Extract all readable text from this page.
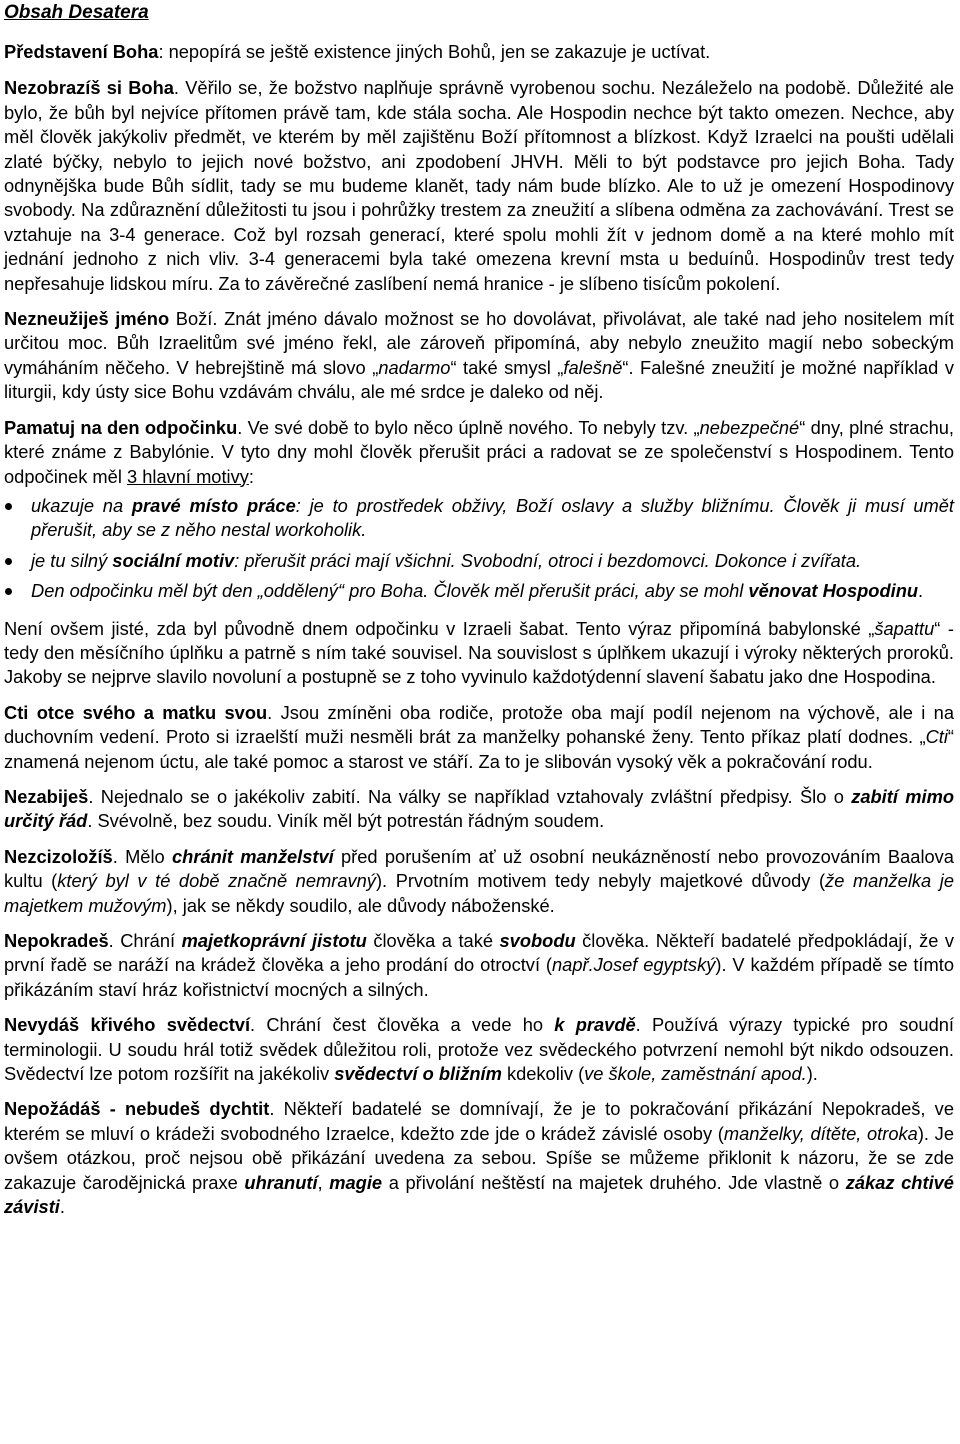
Obsah Desatera

Představení Boha: nepopírá se ještě existence jiných Bohů, jen se zakazuje je uctívat.

Nezobrazíš si Boha. Věřilo se, že božstvo naplňuje správně vyrobenou sochu. Nezáleželo na podobě. Důležité ale bylo, že bůh byl nejvíce přítomen právě tam, kde stála socha. Ale Hospodin nechce být takto omezen. Nechce, aby měl člověk jakýkoliv předmět, ve kterém by měl zajištěnu Boží přítomnost a blízkost. Když Izraelci na poušti udělali zlaté býčky, nebylo to jejich nové božstvo, ani zpodobení JHVH. Měli to být podstavce pro jejich Boha. Tady odnynějška bude Bůh sídlit, tady se mu budeme klanět, tady nám bude blízko. Ale to už je omezení Hospodinovy svobody. Na zdůraznění důležitosti tu jsou i pohrůžky trestem za zneužití a slíbena odměna za zachovávání. Trest se vztahuje na 3-4 generace. Což byl rozsah generací, které spolu mohli žít v jednom domě a na které mohlo mít jednání jednoho z nich vliv. 3-4 generacemi byla také omezena krevní msta u beduínů. Hospodinův trest tedy nepřesahuje lidskou míru. Za to závěrečné zaslíbení nemá hranice - je slíbeno tisícům pokolení.

Nezneužiješ jméno Boží. Znát jméno dávalo možnost se ho dovolávat, přivolávat, ale také nad jeho nositelem mít určitou moc. Bůh Izraelitům své jméno řekl, ale zároveň připomíná, aby nebylo zneužito magií nebo sobeckým vymáháním něčeho. V hebrejštině má slovo „nadarmo“ také smysl „falešně“. Falešné zneužití je možné například v liturgii, kdy ústy sice Bohu vzdávám chválu, ale mé srdce je daleko od něj.

Pamatuj na den odpočinku. Ve své době to bylo něco úplně nového. To nebyly tzv. „nebezpečné“ dny, plné strachu, které známe z Babylónie. V tyto dny mohl člověk přerušit práci a radovat se ze společenství s Hospodinem. Tento odpočinek měl 3 hlavní motivy:

ukazuje na pravé místo práce: je to prostředek obživy, Boží oslavy a služby bližnímu. Člověk ji musí umět přerušit, aby se z něho nestal workoholik.
je tu silný sociální motiv: přerušit práci mají všichni. Svobodní, otroci i bezdomovci. Dokonce i zvířata.
Den odpočinku měl být den „oddělený“ pro Boha. Člověk měl přerušit práci, aby se mohl věnovat Hospodinu.

Není ovšem jisté, zda byl původně dnem odpočinku v Izraeli šabat. Tento výraz připomíná babylonské „šapattu“ - tedy den měsíčního úplňku a patrně s ním také souvisel. Na souvislost s úplňkem ukazují i výroky některých proroků. Jakoby se nejprve slavilo novoluní a postupně se z toho vyvinulo každotýdenní slavení šabatu jako dne Hospodina.

Cti otce svého a matku svou. Jsou zmíněni oba rodiče, protože oba mají podíl nejenom na výchově, ale i na duchovním vedení. Proto si izraelští muži nesměli brát za manželky pohanské ženy. Tento příkaz platí dodnes. „Cti“ znamená nejenom úctu, ale také pomoc a starost ve stáří. Za to je slibován vysoký věk a pokračování rodu.

Nezabiješ. Nejednalo se o jakékoliv zabití. Na války se například vztahovaly zvláštní předpisy. Šlo o zabití mimo určitý řád. Svévolně, bez soudu. Viník měl být potrestán řádným soudem.

Nezcizoložíš. Mělo chránit manželství před porušením ať už osobní neukázněností nebo provozováním Baalova kultu (který byl v té době značně nemravný). Prvotním motivem tedy nebyly majetkové důvody (že manželka je majetkem mužovým), jak se někdy soudilo, ale důvody náboženské.

Nepokradeš. Chrání majetkoprávní jistotu člověka a také svobodu člověka. Někteří badatelé předpokládají, že v první řadě se naráží na krádež člověka a jeho prodání do otroctví (např.Josef egyptský). V každém případě se tímto přikázáním staví hráz kořistnictví mocných a silných.

Nevydáš křivého svědectví. Chrání čest člověka a vede ho k pravdě. Používá výrazy typické pro soudní terminologii. U soudu hrál totiž svědek důležitou roli, protože vez svědeckého potvrzení nemohl být nikdo odsouzen. Svědectví lze potom rozšířit na jakékoliv svědectví o bližním kdekoliv (ve škole, zaměstnání apod.).

Nepožádáš - nebudeš dychtit. Někteří badatelé se domnívají, že je to pokračování přikázání Nepokradeš, ve kterém se mluví o krádeži svobodného Izraelce, kdežto zde jde o krádež závislé osoby (manželky, dítěte, otroka). Je ovšem otázkou, proč nejsou obě přikázání uvedena za sebou. Spíše se můžeme přiklonit k názoru, že se zde zakazuje čarodějnická praxe uhranutí, magie a přivolání neštěstí na majetek druhého. Jde vlastně o zákaz chtivé závisti.
